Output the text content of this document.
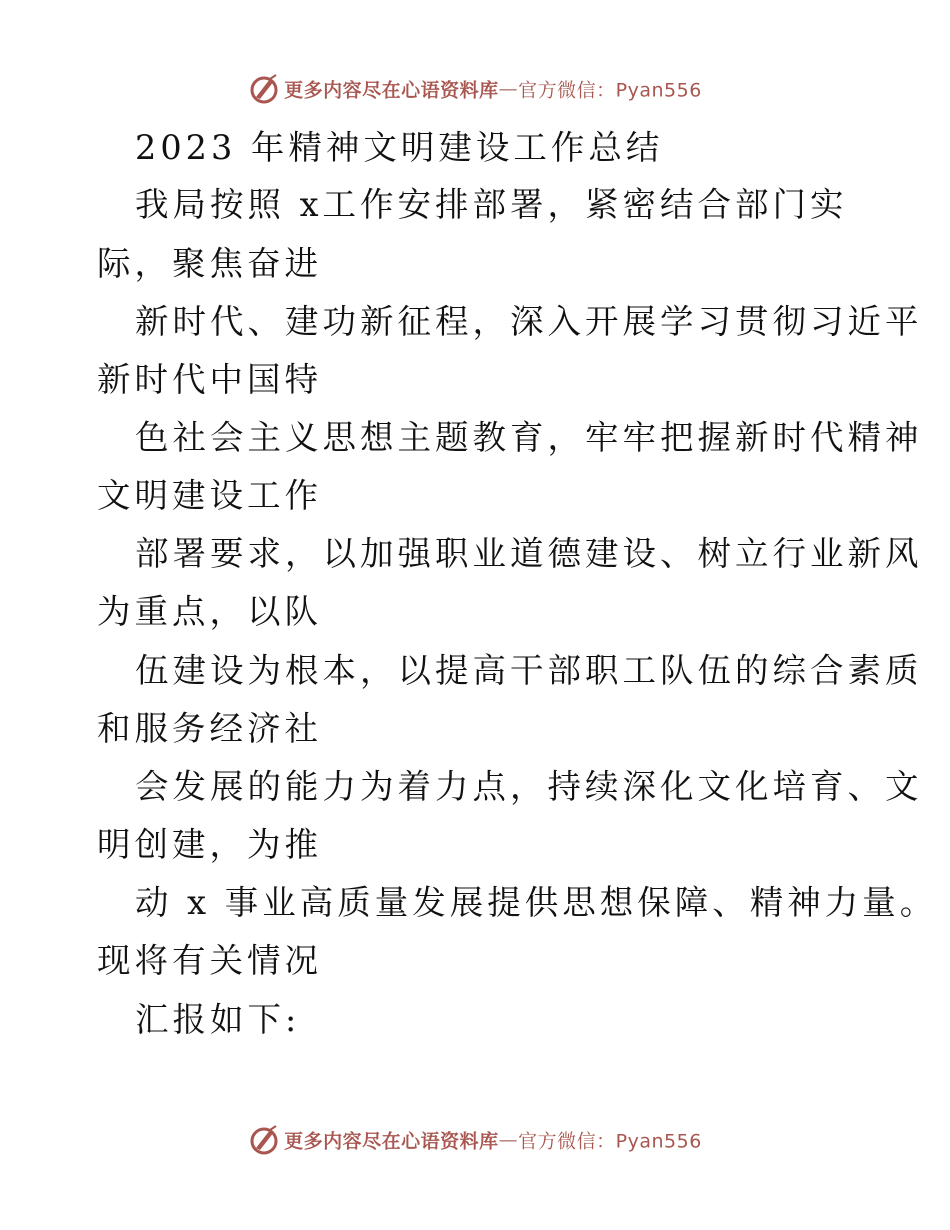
更多内容尽在心语资料库—官方微信：Pyan556
2023 年精神文明建设工作总结
我局按照 x工作安排部署，紧密结合部门实
际，聚焦奋进
新时代、建功新征程，深入开展学习贯彻习近平
新时代中国特
色社会主义思想主题教育，牢牢把握新时代精神
文明建设工作
部署要求，以加强职业道德建设、树立行业新风
为重点，以队
伍建设为根本，以提高干部职工队伍的综合素质
和服务经济社
会发展的能力为着力点，持续深化文化培育、文
明创建，为推
动 x 事业高质量发展提供思想保障、精神力量。
现将有关情况
汇报如下:
更多内容尽在心语资料库—官方微信：Pyan556
